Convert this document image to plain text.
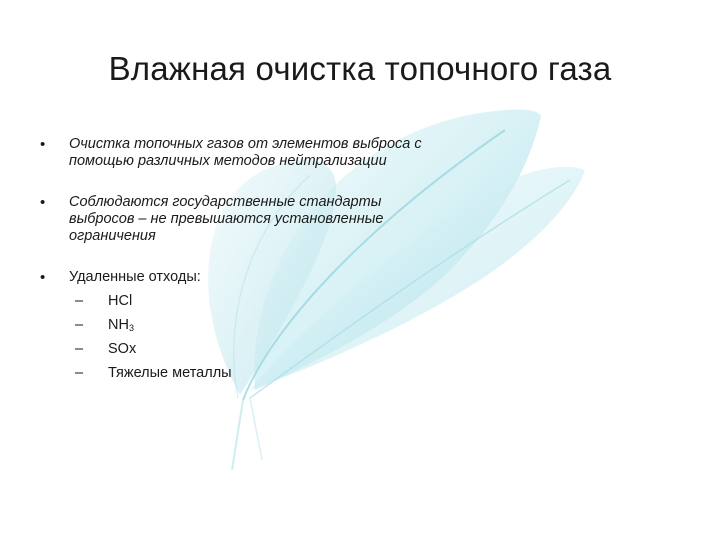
Влажная очистка топочного газа
• Очистка топочных газов от элементов выброса с помощью различных методов нейтрализации
• Соблюдаются государственные стандарты выбросов – не превышаются установленные ограничения
• Удаленные отходы:
– HCl
– $NH_3$
– SOx
– Тяжелые металлы
